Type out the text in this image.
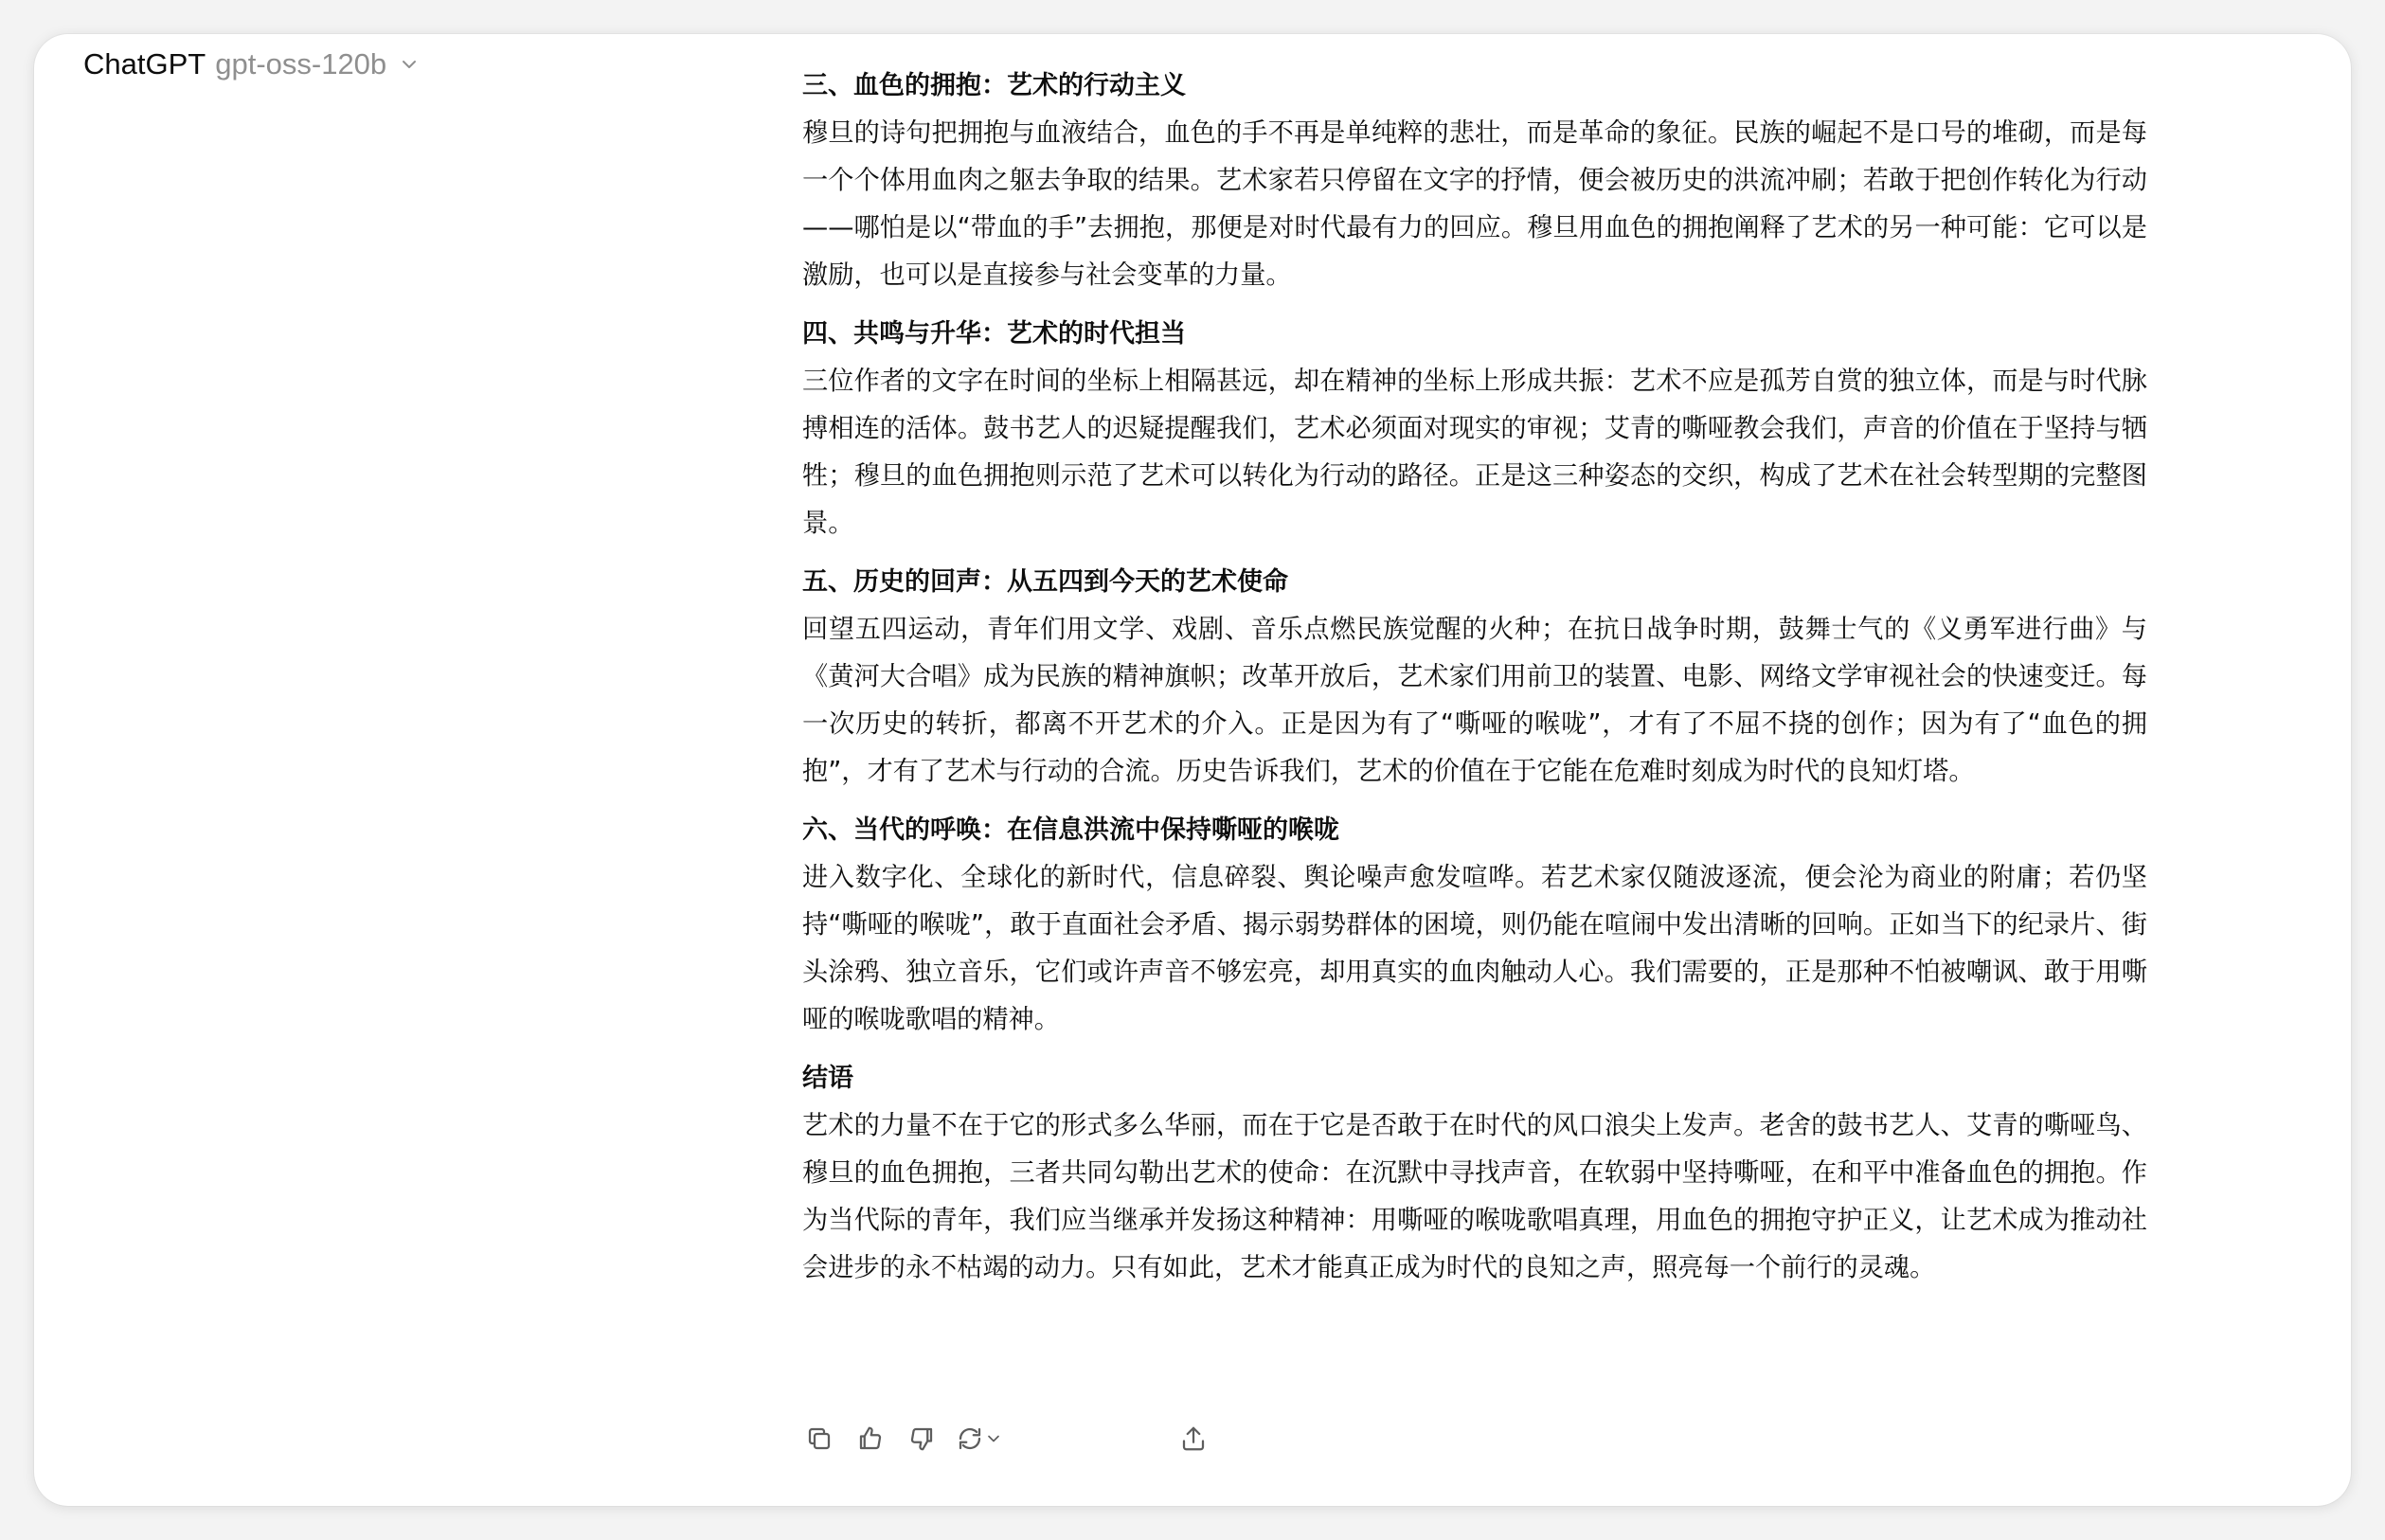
ChatGPT gpt-oss-120b
三、血色的拥抱：艺术的行动主义

穆旦的诗句把拥抱与血液结合，血色的手不再是单纯粹的悲壮，而是革命的象征。民族的崛起不是口号的堆砌，而是每一个个体用血肉之躯去争取的结果。艺术家若只停留在文字的抒情，便会被历史的洪流冲刷；若敢于把创作转化为行动——哪怕是以“带血的手”去拥抱，那便是对时代最有力的回应。穆旦用血色的拥抱阐释了艺术的另一种可能：它可以是激励，也可以是直接参与社会变革的力量。

四、共鸣与升华：艺术的时代担当

三位作者的文字在时间的坐标上相隔甚远，却在精神的坐标上形成共振：艺术不应是孤芳自赏的独立体，而是与时代脉搏相连的活体。鼓书艺人的迟疑提醒我们，艺术必须面对现实的审视；艾青的嘶哑教会我们，声音的价值在于坚持与牺牲；穆旦的血色拥抱则示范了艺术可以转化为行动的路径。正是这三种姿态的交织，构成了艺术在社会转型期的完整图景。

五、历史的回声：从五四到今天的艺术使命

回望五四运动，青年们用文学、戏剧、音乐点燃民族觉醒的火种；在抗日战争时期，鼓舞士气的《义勇军进行曲》与《黄河大合唱》成为民族的精神旗帜；改革开放后，艺术家们用前卫的装置、电影、网络文学审视社会的快速变迁。每一次历史的转折，都离不开艺术的介入。正是因为有了“嘶哑的喉咙”，才有了不屈不挠的创作；因为有了“血色的拥抱”，才有了艺术与行动的合流。历史告诉我们，艺术的价值在于它能在危难时刻成为时代的良知灯塔。

六、当代的呼唤：在信息洪流中保持嘶哑的喉咙

进入数字化、全球化的新时代，信息碎裂、舆论噪声愈发喧哗。若艺术家仅随波逐流，便会沦为商业的附庸；若仍坚持“嘶哑的喉咙”，敢于直面社会矛盾、揭示弱势群体的困境，则仍能在喧闹中发出清晰的回响。正如当下的纪录片、街头涂鸦、独立音乐，它们或许声音不够宏亮，却用真实的血肉触动人心。我们需要的，正是那种不怕被嘲讽、敢于用嘶哑的喉咙歌唱的精神。

结语

艺术的力量不在于它的形式多么华丽，而在于它是否敢于在时代的风口浪尖上发声。老舍的鼓书艺人、艾青的嘶哑鸟、穆旦的血色拥抱，三者共同勾勒出艺术的使命：在沉默中寻找声音，在软弱中坚持嘶哑，在和平中准备血色的拥抱。作为当代际的青年，我们应当继承并发扬这种精神：用嘶哑的喉咙歌唱真理，用血色的拥抱守护正义，让艺术成为推动社会进步的永不枯竭的动力。只有如此，艺术才能真正成为时代的良知之声，照亮每一个前行的灵魂。
